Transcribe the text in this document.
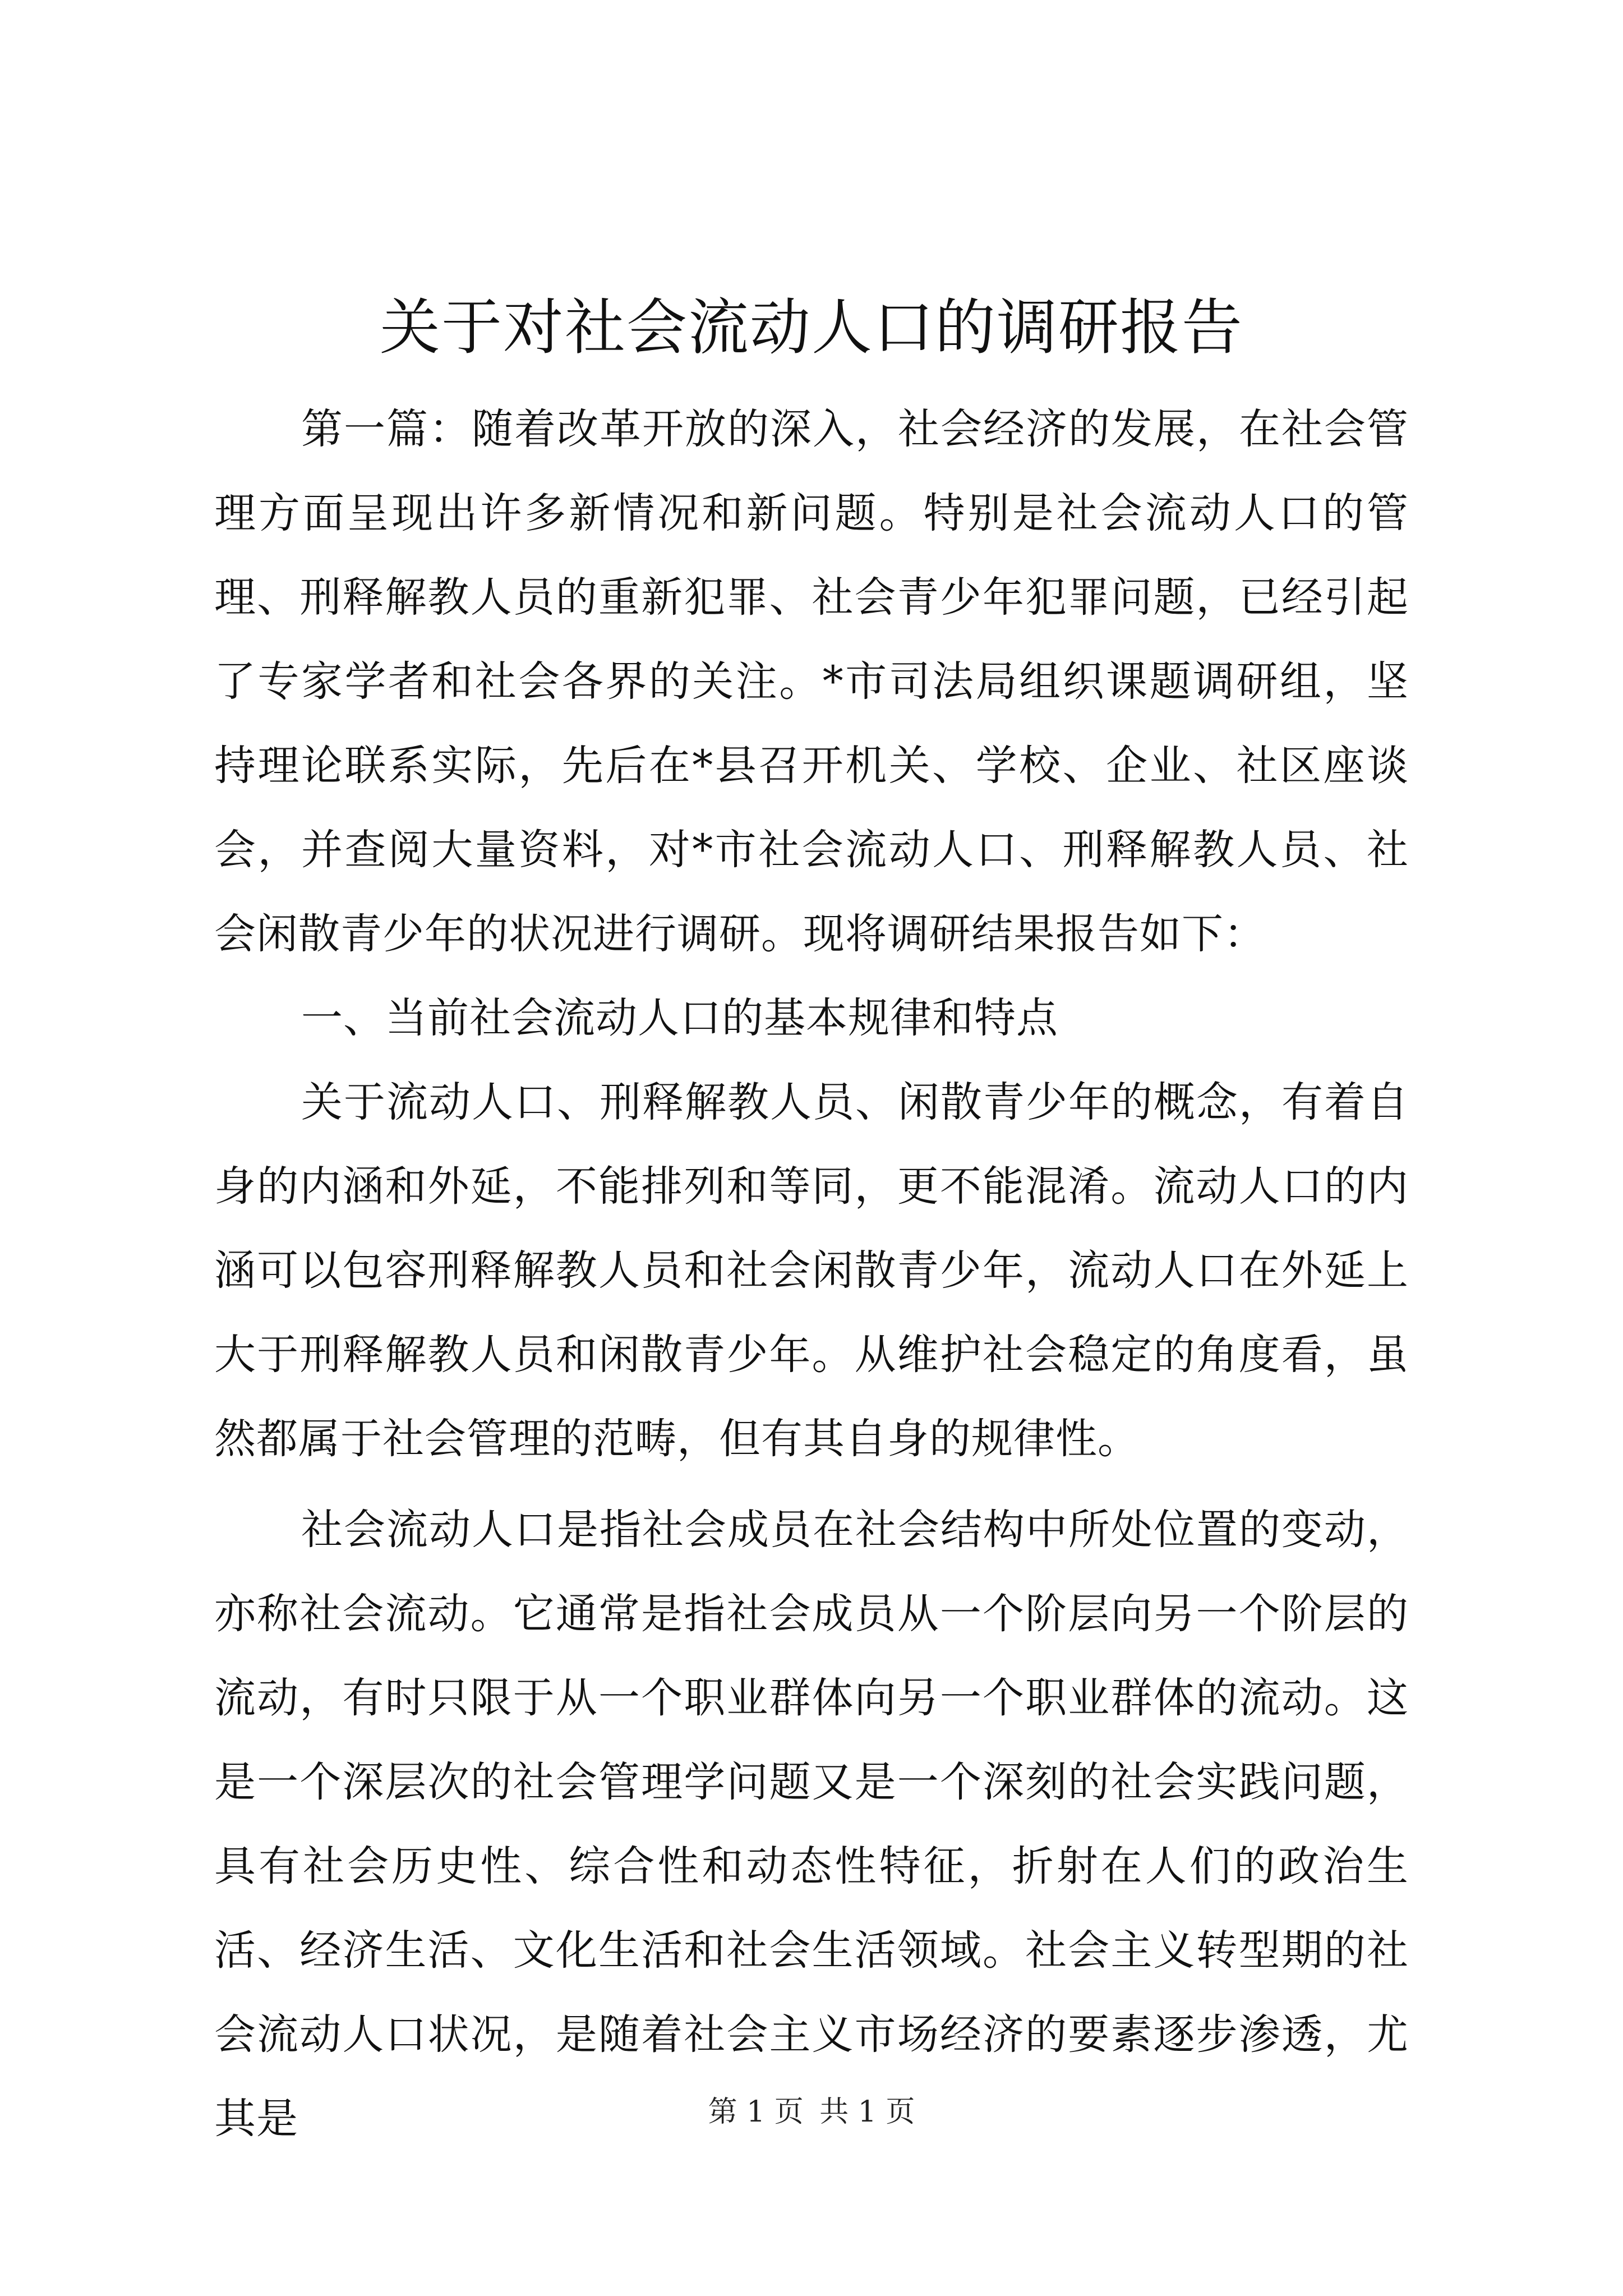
关于对社会流动人口的调研报告

第一篇：随着改革开放的深入，社会经济的发展，在社会管理方面呈现出许多新情况和新问题。特别是社会流动人口的管理、刑释解教人员的重新犯罪、社会青少年犯罪问题，已经引起了专家学者和社会各界的关注。*市司法局组织课题调研组，坚持理论联系实际，先后在*县召开机关、学校、企业、社区座谈会，并查阅大量资料，对*市社会流动人口、刑释解教人员、社会闲散青少年的状况进行调研。现将调研结果报告如下：

一、当前社会流动人口的基本规律和特点

关于流动人口、刑释解教人员、闲散青少年的概念，有着自身的内涵和外延，不能排列和等同，更不能混淆。流动人口的内涵可以包容刑释解教人员和社会闲散青少年，流动人口在外延上大于刑释解教人员和闲散青少年。从维护社会稳定的角度看，虽然都属于社会管理的范畴，但有其自身的规律性。

社会流动人口是指社会成员在社会结构中所处位置的变动，亦称社会流动。它通常是指社会成员从一个阶层向另一个阶层的流动，有时只限于从一个职业群体向另一个职业群体的流动。这是一个深层次的社会管理学问题又是一个深刻的社会实践问题，具有社会历史性、综合性和动态性特征，折射在人们的政治生活、经济生活、文化生活和社会生活领域。社会主义转型期的社会流动人口状况，是随着社会主义市场经济的要素逐步渗透，尤其是	第 1 页 共 1 页
